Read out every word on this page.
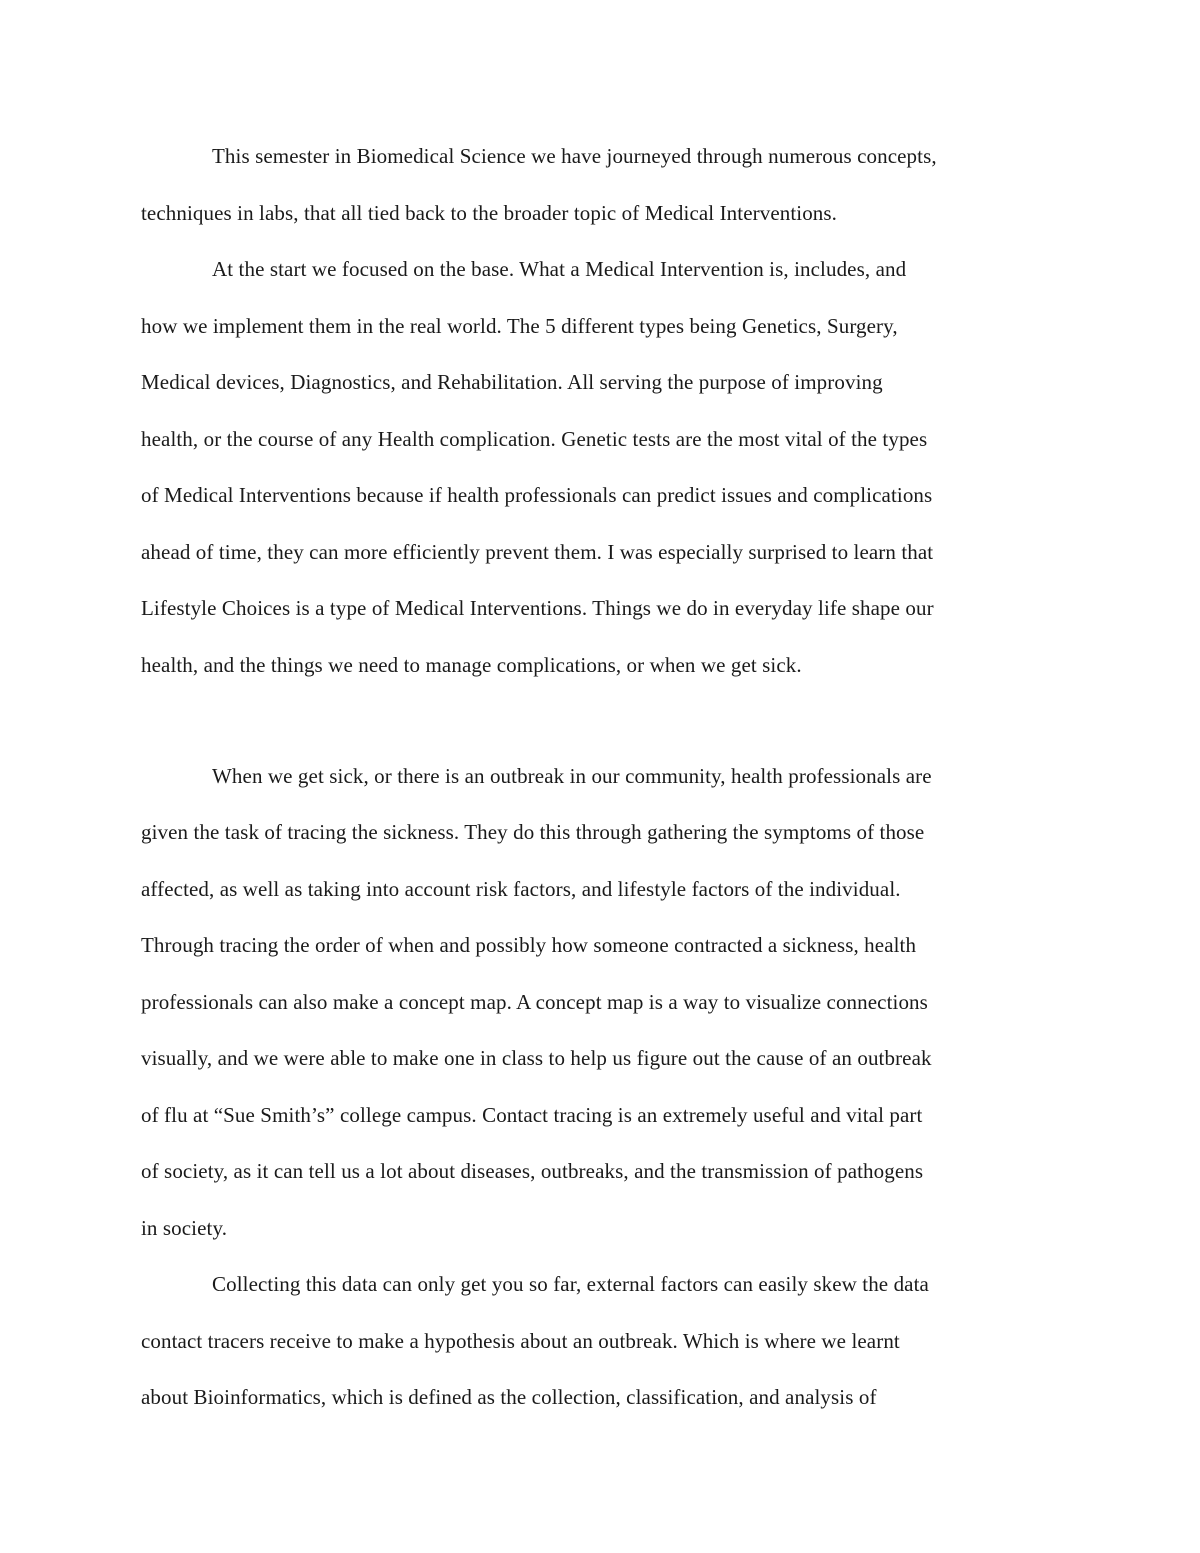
This semester in Biomedical Science we have journeyed through numerous concepts,

techniques in labs, that all tied back to the broader topic of Medical Interventions.

At the start we focused on the base. What a Medical Intervention is, includes, and

how we implement them in the real world. The 5 different types being Genetics, Surgery,

Medical devices, Diagnostics, and Rehabilitation. All serving the purpose of improving

health, or the course of any Health complication. Genetic tests are the most vital of the types

of Medical Interventions because if health professionals can predict issues and complications

ahead of time, they can more efficiently prevent them. I was especially surprised to learn that

Lifestyle Choices is a type of Medical Interventions. Things we do in everyday life shape our

health, and the things we need to manage complications, or when we get sick.

When we get sick, or there is an outbreak in our community, health professionals are

given the task of tracing the sickness. They do this through gathering the symptoms of those

affected, as well as taking into account risk factors, and lifestyle factors of the individual.

Through tracing the order of when and possibly how someone contracted a sickness, health

professionals can also make a concept map. A concept map is a way to visualize connections

visually, and we were able to make one in class to help us figure out the cause of an outbreak

of flu at “Sue Smith’s” college campus. Contact tracing is an extremely useful and vital part

of society, as it can tell us a lot about diseases, outbreaks, and the transmission of pathogens

in society.

Collecting this data can only get you so far, external factors can easily skew the data

contact tracers receive to make a hypothesis about an outbreak. Which is where we learnt

about Bioinformatics, which is defined as the collection, classification, and analysis of
